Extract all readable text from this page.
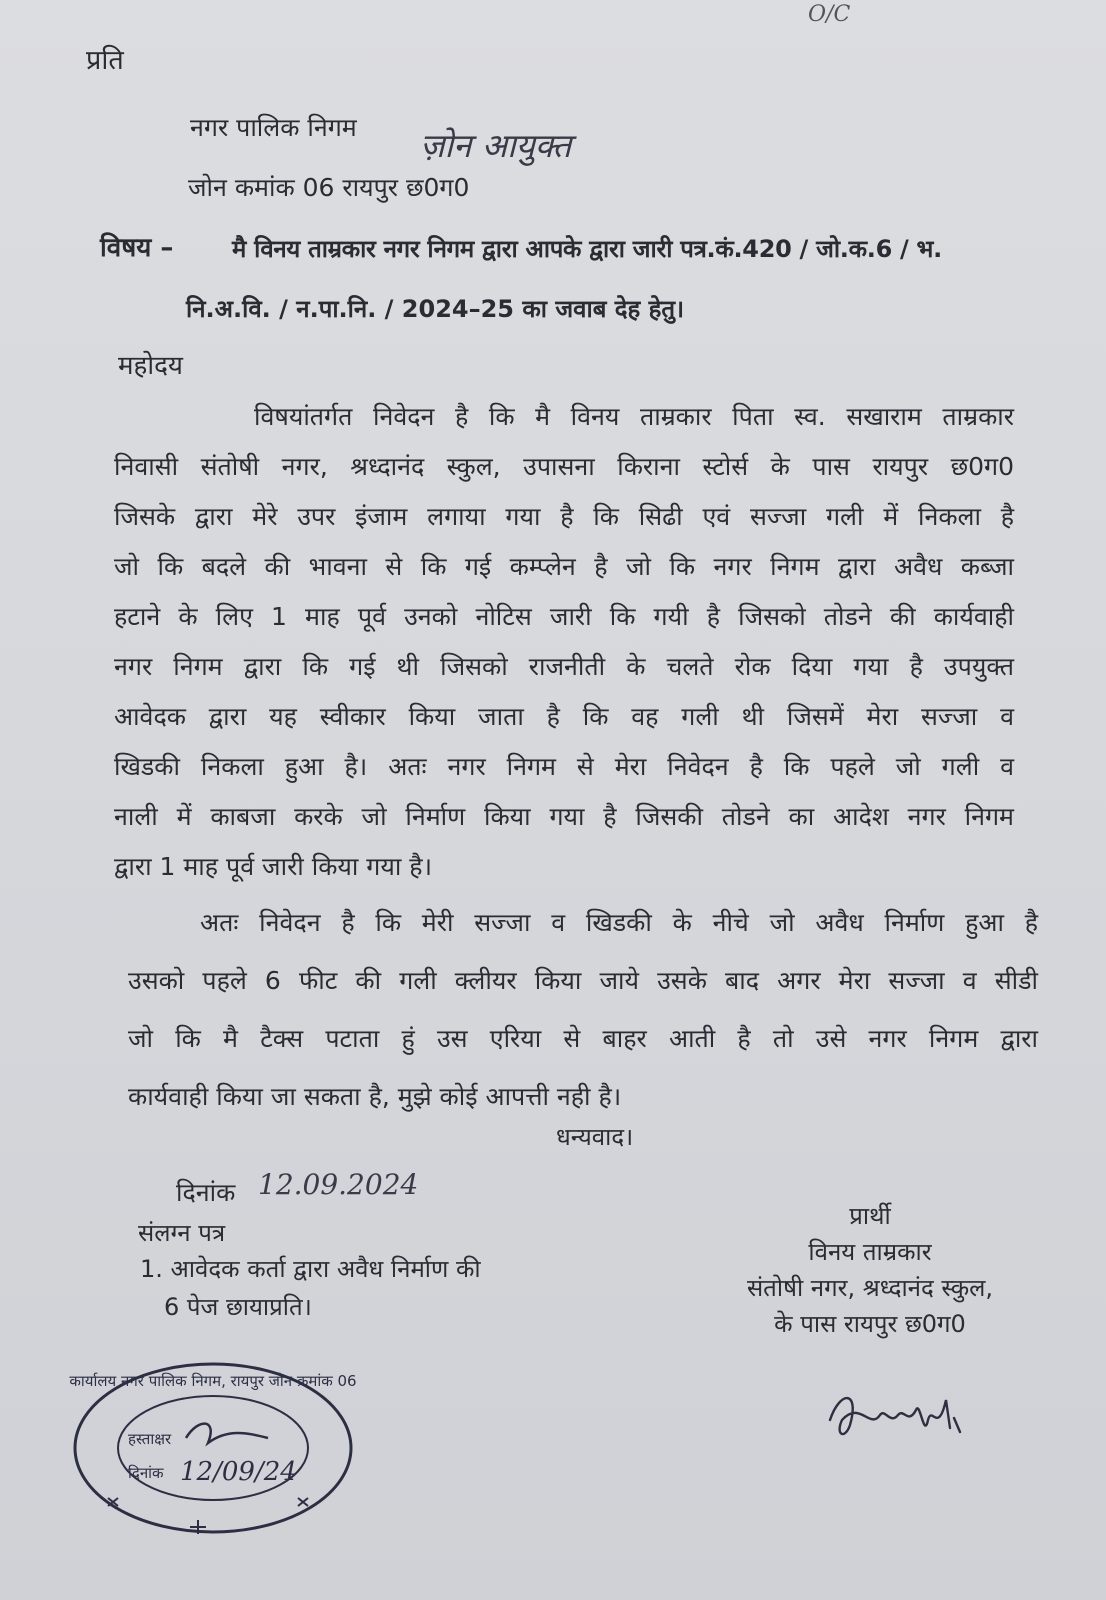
O/C
प्रति
नगर पालिक निगम ज़ोन आयुक्त
जोन कमांक 06 रायपुर छ0ग0
विषय – मै विनय ताम्रकार नगर निगम द्वारा आपके द्वारा जारी पत्र.कं.420 / जो.क.6 / भ.
नि.अ.वि. / न.पा.नि. / 2024–25 का जवाब देह हेतु।
महोदय
विषयांतर्गत निवेदन है कि मै विनय ताम्रकार पिता स्व. सखाराम ताम्रकार
निवासी संतोषी नगर, श्रध्दानंद स्कुल, उपासना किराना स्टोर्स के पास रायपुर छ0ग0
जिसके द्वारा मेरे उपर इंजाम लगाया गया है कि सिढी एवं सज्जा गली में निकला है
जो कि बदले की भावना से कि गई कम्प्लेन है जो कि नगर निगम द्वारा अवैध कब्जा
हटाने के लिए 1 माह पूर्व उनको नोटिस जारी कि गयी है जिसको तोडने की कार्यवाही
नगर निगम द्वारा कि गई थी जिसको राजनीती के चलते रोक दिया गया है उपयुक्त
आवेदक द्वारा यह स्वीकार किया जाता है कि वह गली थी जिसमें मेरा सज्जा व
खिडकी निकला हुआ है। अतः नगर निगम से मेरा निवेदन है कि पहले जो गली व
नाली में काबजा करके जो निर्माण किया गया है जिसकी तोडने का आदेश नगर निगम
द्वारा 1 माह पूर्व जारी किया गया है।
अतः निवेदन है कि मेरी सज्जा व खिडकी के नीचे जो अवैध निर्माण हुआ है
उसको पहले 6 फीट की गली क्लीयर किया जाये उसके बाद अगर मेरा सज्जा व सीडी
जो कि मै टैक्स पटाता हुं उस एरिया से बाहर आती है तो उसे नगर निगम द्वारा
कार्यवाही किया जा सकता है, मुझे कोई आपत्ती नही है।
धन्यवाद।
दिनांक 12.09.2024
संलग्न पत्र
1. आवेदक कर्ता द्वारा अवैध निर्माण की
6 पेज छायाप्रति।
प्रार्थी
विनय ताम्रकार
संतोषी नगर, श्रध्दानंद स्कुल,
के पास रायपुर छ0ग0
कार्यालय नगर पालिक निगम, रायपुर जोन क्रमांक 06
हस्ताक्षर
दिनांक 12/09/24
